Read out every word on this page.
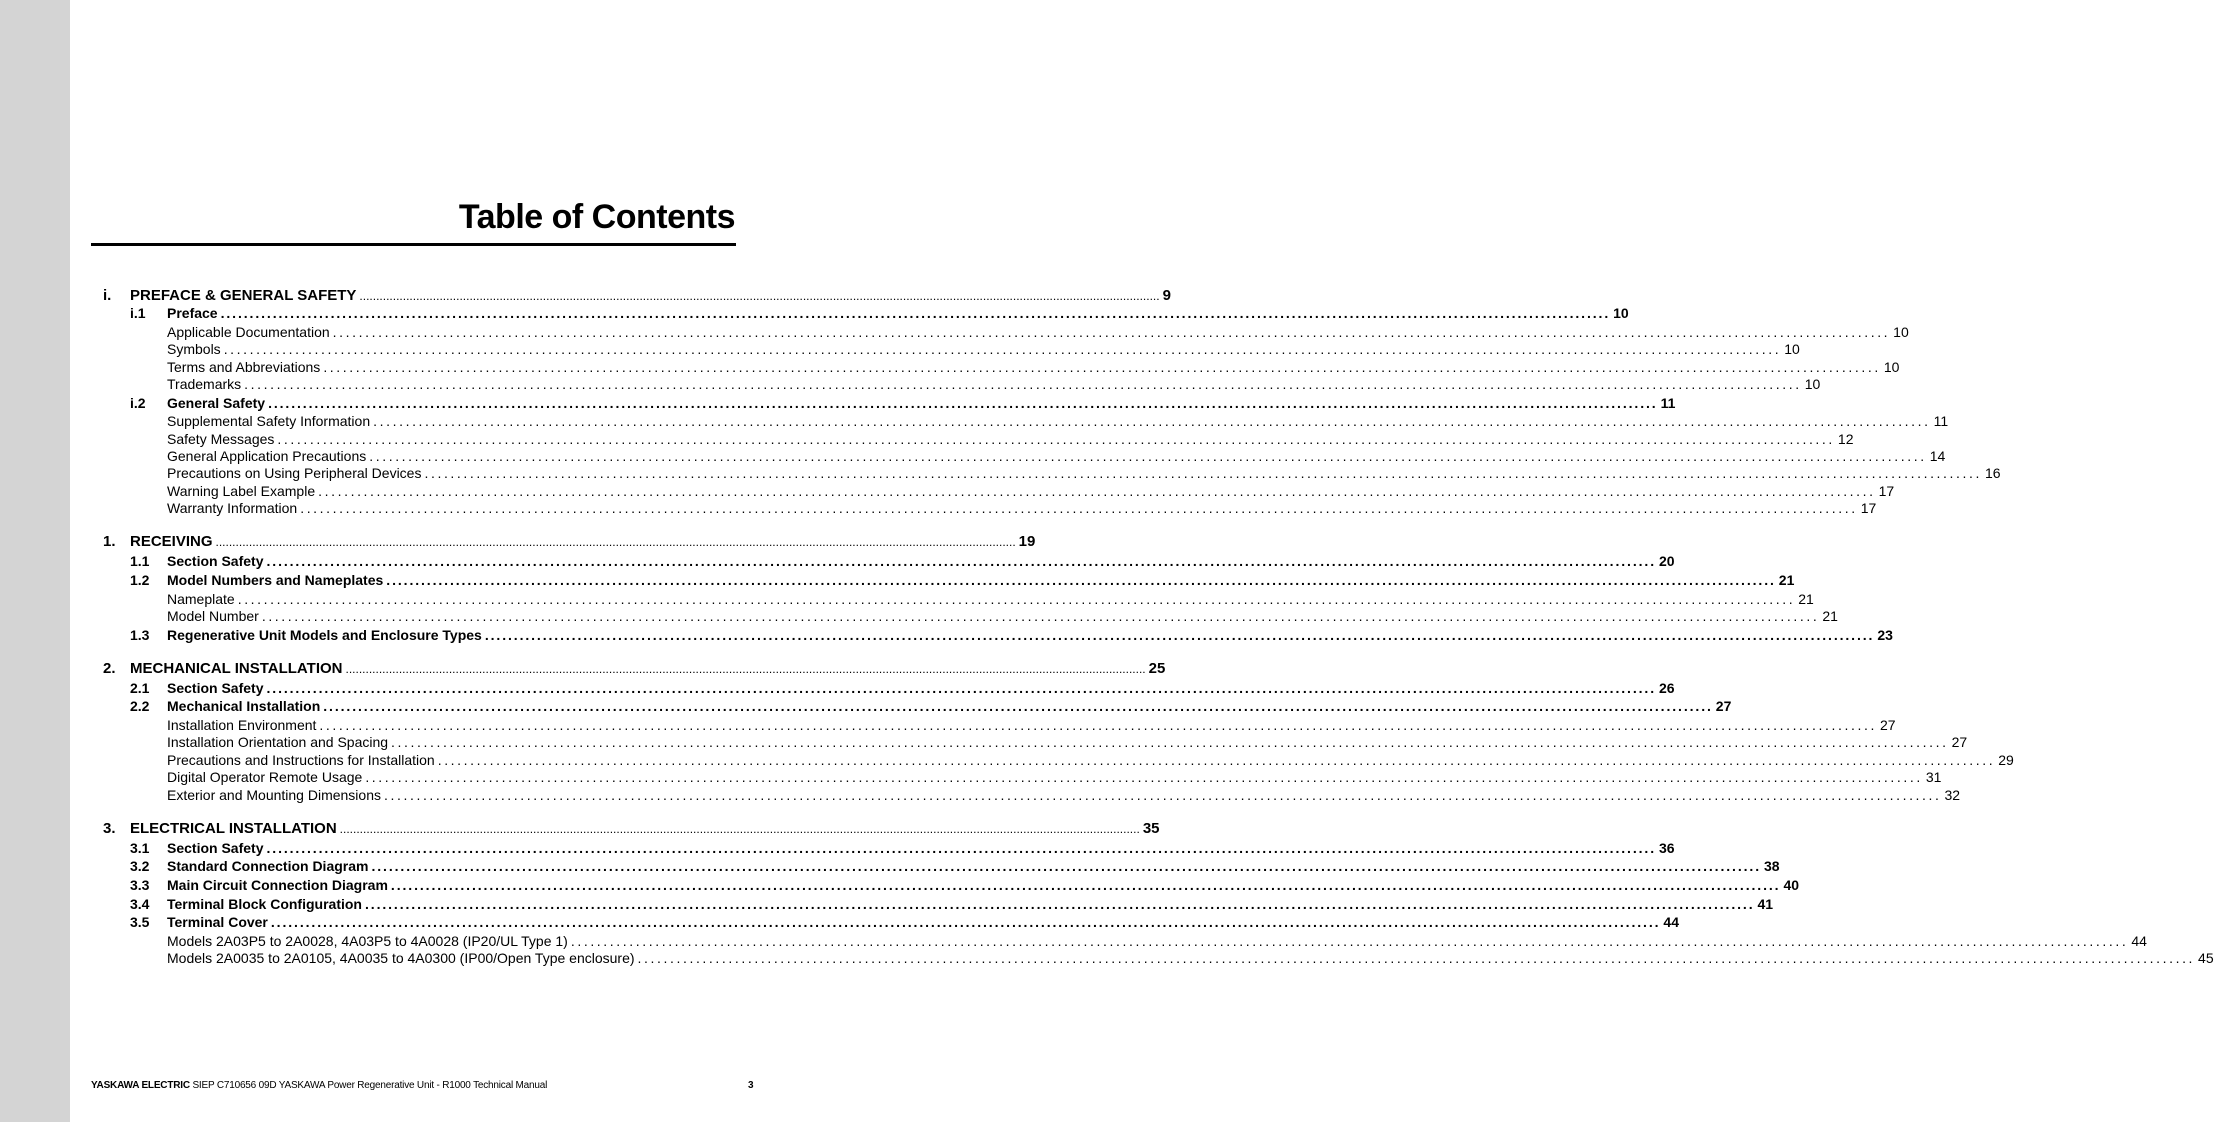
Table of Contents
i. PREFACE & GENERAL SAFETY ................................................................................................................................................................................................................................................ 9
i.1 Preface ................................................................................................................................................................................................................................................ 10
Applicable Documentation ................................................................................................................................................................................................................................................ 10
Symbols ................................................................................................................................................................................................................................................ 10
Terms and Abbreviations ................................................................................................................................................................................................................................................ 10
Trademarks ................................................................................................................................................................................................................................................ 10
i.2 General Safety ................................................................................................................................................................................................................................................ 11
Supplemental Safety Information ................................................................................................................................................................................................................................................ 11
Safety Messages ................................................................................................................................................................................................................................................ 12
General Application Precautions ................................................................................................................................................................................................................................................ 14
Precautions on Using Peripheral Devices ................................................................................................................................................................................................................................................ 16
Warning Label Example ................................................................................................................................................................................................................................................ 17
Warranty Information ................................................................................................................................................................................................................................................ 17
1. RECEIVING ................................................................................................................................................................................................................................................ 19
1.1 Section Safety ................................................................................................................................................................................................................................................ 20
1.2 Model Numbers and Nameplates ................................................................................................................................................................................................................................................ 21
Nameplate ................................................................................................................................................................................................................................................ 21
Model Number ................................................................................................................................................................................................................................................ 21
1.3 Regenerative Unit Models and Enclosure Types ................................................................................................................................................................................................................................................ 23
2. MECHANICAL INSTALLATION ................................................................................................................................................................................................................................................ 25
2.1 Section Safety ................................................................................................................................................................................................................................................ 26
2.2 Mechanical Installation ................................................................................................................................................................................................................................................ 27
Installation Environment ................................................................................................................................................................................................................................................ 27
Installation Orientation and Spacing ................................................................................................................................................................................................................................................ 27
Precautions and Instructions for Installation ................................................................................................................................................................................................................................................ 29
Digital Operator Remote Usage ................................................................................................................................................................................................................................................ 31
Exterior and Mounting Dimensions ................................................................................................................................................................................................................................................ 32
3. ELECTRICAL INSTALLATION ................................................................................................................................................................................................................................................ 35
3.1 Section Safety ................................................................................................................................................................................................................................................ 36
3.2 Standard Connection Diagram ................................................................................................................................................................................................................................................ 38
3.3 Main Circuit Connection Diagram ................................................................................................................................................................................................................................................ 40
3.4 Terminal Block Configuration ................................................................................................................................................................................................................................................ 41
3.5 Terminal Cover ................................................................................................................................................................................................................................................ 44
Models 2A03P5 to 2A0028, 4A03P5 to 4A0028 (IP20/UL Type 1) ................................................................................................................................................................................................................................................ 44
Models 2A0035 to 2A0105, 4A0035 to 4A0300 (IP00/Open Type enclosure) ................................................................................................................................................................................................................................................ 45
YASKAWA ELECTRIC SIEP C710656 09D YASKAWA Power Regenerative Unit - R1000 Technical Manual	3
